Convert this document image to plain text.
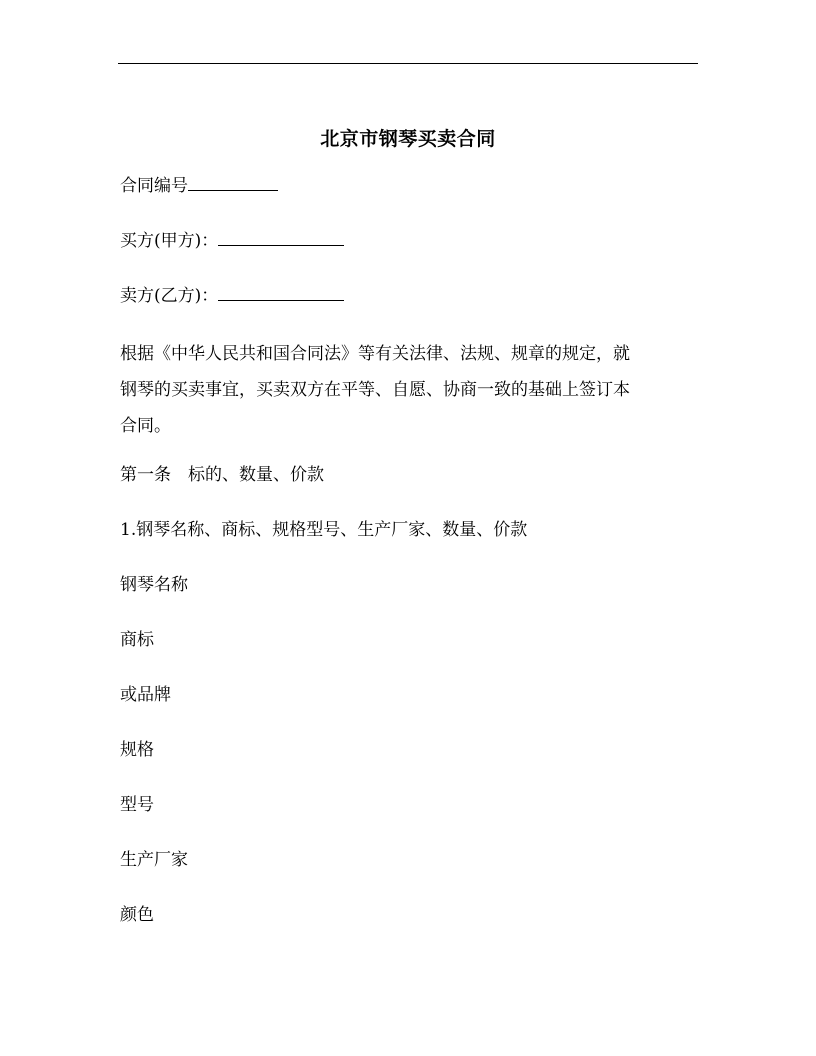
北京市钢琴买卖合同
合同编号
买方(甲方)：
卖方(乙方)：
根据《中华人民共和国合同法》等有关法律、法规、规章的规定，就
钢琴的买卖事宜，买卖双方在平等、自愿、协商一致的基础上签订本
合同。
第一条　标的、数量、价款
1.钢琴名称、商标、规格型号、生产厂家、数量、价款
钢琴名称
商标
或品牌
规格
型号
生产厂家
颜色
